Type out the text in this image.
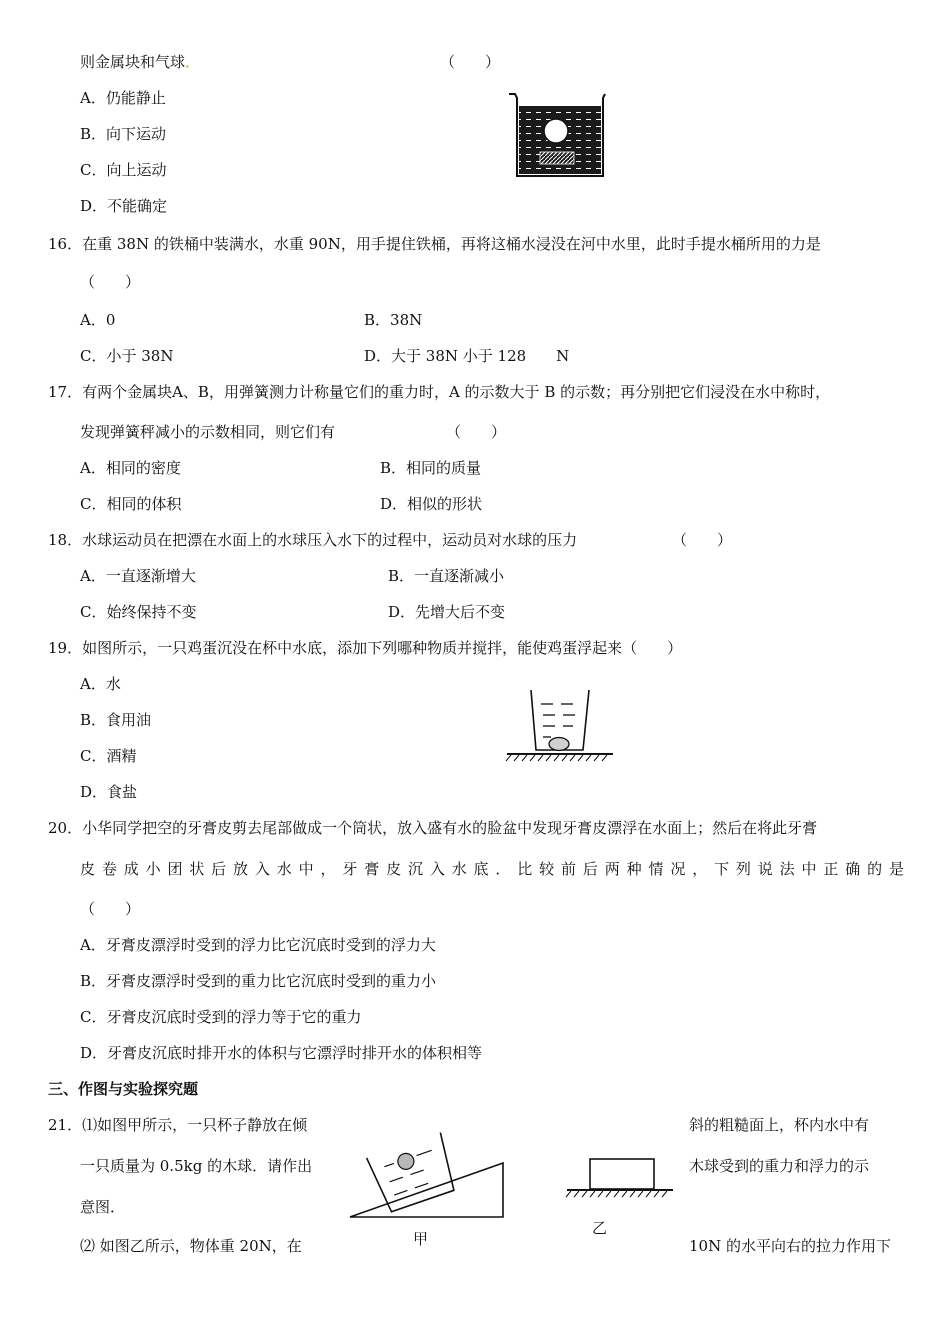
则金属块和气球．	（　　）
A．仍能静止
B．向下运动
C．向上运动
D．不能确定
16．在重 38N 的铁桶中装满水，水重 90N，用手提住铁桶，再将这桶水浸没在河中水里，此时手提水桶所用的力是
（　　）
A．0	B．38N
C．小于 38N	D．大于 38N 小于 128　　N
17．有两个金属块A、B，用弹簧测力计称量它们的重力时，A 的示数大于 B 的示数；再分别把它们浸没在水中称时，
发现弹簧秤减小的示数相同，则它们有	（　　）
A．相同的密度	B．相同的质量
C．相同的体积	D．相似的形状
18．水球运动员在把漂在水面上的水球压入水下的过程中，运动员对水球的压力	（　　）
A．一直逐渐增大	B．一直逐渐减小
C．始终保持不变	D．先增大后不变
19．如图所示，一只鸡蛋沉没在杯中水底，添加下列哪种物质并搅拌，能使鸡蛋浮起来（　　）
A．水
B．食用油
C．酒精
D．食盐
20．小华同学把空的牙膏皮剪去尾部做成一个筒状，放入盛有水的脸盆中发现牙膏皮漂浮在水面上；然后在将此牙膏
皮卷成小团状后放入水中，牙膏皮沉入水底．比较前后两种情况，下列说法中正确的是
（　　）
A．牙膏皮漂浮时受到的浮力比它沉底时受到的浮力大
B．牙膏皮漂浮时受到的重力比它沉底时受到的重力小
C．牙膏皮沉底时受到的浮力等于它的重力
D．牙膏皮沉底时排开水的体积与它漂浮时排开水的体积相等
三、作图与实验探究题
21．⑴如图甲所示，一只杯子静放在倾	斜的粗糙面上，杯内水中有
一只质量为 0.5kg 的木球．请作出	木球受到的重力和浮力的示
意图．
⑵ 如图乙所示，物体重 20N，在	10N 的水平向右的拉力作用下
甲
乙
